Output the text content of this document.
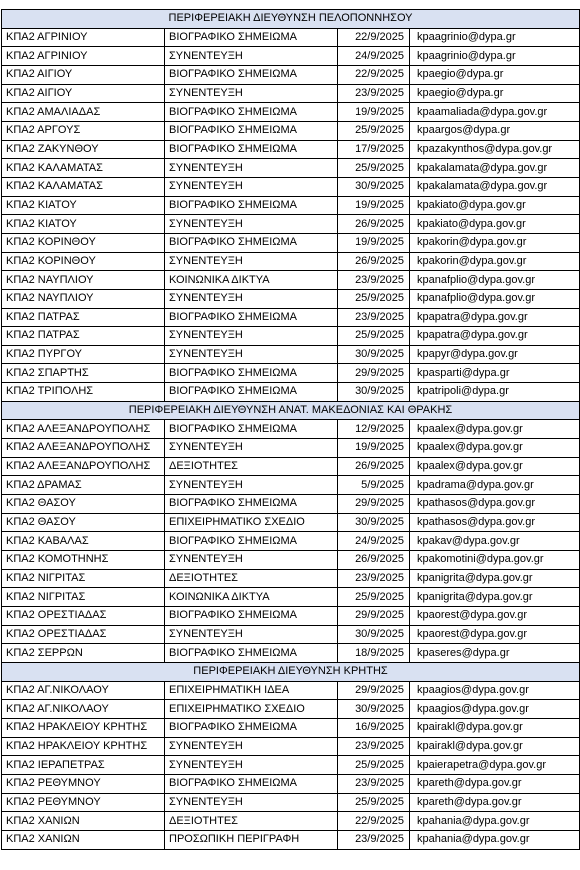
ΠΕΡΙΦΕΡΕΙΑΚΗ ΔΙΕΥΘΥΝΣΗ ΠΕΛΟΠΟΝΝΗΣΟΥ			
ΚΠΑ2 ΑΓΡΙΝΙΟΥ	ΒΙΟΓΡΑΦΙΚΟ ΣΗΜΕΙΩΜΑ	22/9/2025	kpaagrinio@dypa.gr
ΚΠΑ2 ΑΓΡΙΝΙΟΥ	ΣΥΝΕΝΤΕΥΞΗ	24/9/2025	kpaagrinio@dypa.gr
ΚΠΑ2 ΑΙΓΙΟΥ	ΒΙΟΓΡΑΦΙΚΟ ΣΗΜΕΙΩΜΑ	22/9/2025	kpaegio@dypa.gr
ΚΠΑ2 ΑΙΓΙΟΥ	ΣΥΝΕΝΤΕΥΞΗ	23/9/2025	kpaegio@dypa.gr
ΚΠΑ2 ΑΜΑΛΙΑΔΑΣ	ΒΙΟΓΡΑΦΙΚΟ ΣΗΜΕΙΩΜΑ	19/9/2025	kpaamaliada@dypa.gov.gr
ΚΠΑ2 ΑΡΓΟΥΣ	ΒΙΟΓΡΑΦΙΚΟ ΣΗΜΕΙΩΜΑ	25/9/2025	kpaargos@dypa.gr
ΚΠΑ2 ΖΑΚΥΝΘΟΥ	ΒΙΟΓΡΑΦΙΚΟ ΣΗΜΕΙΩΜΑ	17/9/2025	kpazakynthos@dypa.gov.gr
ΚΠΑ2 ΚΑΛΑΜΑΤΑΣ	ΣΥΝΕΝΤΕΥΞΗ	25/9/2025	kpakalamata@dypa.gov.gr
ΚΠΑ2 ΚΑΛΑΜΑΤΑΣ	ΣΥΝΕΝΤΕΥΞΗ	30/9/2025	kpakalamata@dypa.gov.gr
ΚΠΑ2 ΚΙΑΤΟΥ	ΒΙΟΓΡΑΦΙΚΟ ΣΗΜΕΙΩΜΑ	19/9/2025	kpakiato@dypa.gov.gr
ΚΠΑ2 ΚΙΑΤΟΥ	ΣΥΝΕΝΤΕΥΞΗ	26/9/2025	kpakiato@dypa.gov.gr
ΚΠΑ2 ΚΟΡΙΝΘΟΥ	ΒΙΟΓΡΑΦΙΚΟ ΣΗΜΕΙΩΜΑ	19/9/2025	kpakorin@dypa.gov.gr
ΚΠΑ2 ΚΟΡΙΝΘΟΥ	ΣΥΝΕΝΤΕΥΞΗ	26/9/2025	kpakorin@dypa.gov.gr
ΚΠΑ2 ΝΑΥΠΛΙΟΥ	ΚΟΙΝΩΝΙΚΑ ΔΙΚΤΥΑ	23/9/2025	kpanafplio@dypa.gov.gr
ΚΠΑ2 ΝΑΥΠΛΙΟΥ	ΣΥΝΕΝΤΕΥΞΗ	25/9/2025	kpanafplio@dypa.gov.gr
ΚΠΑ2 ΠΑΤΡΑΣ	ΒΙΟΓΡΑΦΙΚΟ ΣΗΜΕΙΩΜΑ	23/9/2025	kpapatra@dypa.gov.gr
ΚΠΑ2 ΠΑΤΡΑΣ	ΣΥΝΕΝΤΕΥΞΗ	25/9/2025	kpapatra@dypa.gov.gr
ΚΠΑ2 ΠΥΡΓΟΥ	ΣΥΝΕΝΤΕΥΞΗ	30/9/2025	kpapyr@dypa.gov.gr
ΚΠΑ2 ΣΠΑΡΤΗΣ	ΒΙΟΓΡΑΦΙΚΟ ΣΗΜΕΙΩΜΑ	29/9/2025	kpasparti@dypa.gr
ΚΠΑ2 ΤΡΙΠΟΛΗΣ	ΒΙΟΓΡΑΦΙΚΟ ΣΗΜΕΙΩΜΑ	30/9/2025	kpatripoli@dypa.gr
ΠΕΡΙΦΕΡΕΙΑΚΗ ΔΙΕΥΘΥΝΣΗ ΑΝΑΤ. ΜΑΚΕΔΟΝΙΑΣ ΚΑΙ ΘΡΑΚΗΣ			
ΚΠΑ2 ΑΛΕΞΑΝΔΡΟΥΠΟΛΗΣ	ΒΙΟΓΡΑΦΙΚΟ ΣΗΜΕΙΩΜΑ	12/9/2025	kpaalex@dypa.gov.gr
ΚΠΑ2 ΑΛΕΞΑΝΔΡΟΥΠΟΛΗΣ	ΣΥΝΕΝΤΕΥΞΗ	19/9/2025	kpaalex@dypa.gov.gr
ΚΠΑ2 ΑΛΕΞΑΝΔΡΟΥΠΟΛΗΣ	ΔΕΞΙΟΤΗΤΕΣ	26/9/2025	kpaalex@dypa.gov.gr
ΚΠΑ2 ΔΡΑΜΑΣ	ΣΥΝΕΝΤΕΥΞΗ	5/9/2025	kpadrama@dypa.gov.gr
ΚΠΑ2 ΘΑΣΟΥ	ΒΙΟΓΡΑΦΙΚΟ ΣΗΜΕΙΩΜΑ	29/9/2025	kpathasos@dypa.gov.gr
ΚΠΑ2 ΘΑΣΟΥ	ΕΠΙΧΕΙΡΗΜΑΤΙΚΟ ΣΧΕΔΙΟ	30/9/2025	kpathasos@dypa.gov.gr
ΚΠΑ2 ΚΑΒΑΛΑΣ	ΒΙΟΓΡΑΦΙΚΟ ΣΗΜΕΙΩΜΑ	24/9/2025	kpakav@dypa.gov.gr
ΚΠΑ2 ΚΟΜΟΤΗΝΗΣ	ΣΥΝΕΝΤΕΥΞΗ	26/9/2025	kpakomotini@dypa.gov.gr
ΚΠΑ2 ΝΙΓΡΙΤΑΣ	ΔΕΞΙΟΤΗΤΕΣ	23/9/2025	kpanigrita@dypa.gov.gr
ΚΠΑ2 ΝΙΓΡΙΤΑΣ	ΚΟΙΝΩΝΙΚΑ ΔΙΚΤΥΑ	25/9/2025	kpanigrita@dypa.gov.gr
ΚΠΑ2 ΟΡΕΣΤΙΑΔΑΣ	ΒΙΟΓΡΑΦΙΚΟ ΣΗΜΕΙΩΜΑ	29/9/2025	kpaorest@dypa.gov.gr
ΚΠΑ2 ΟΡΕΣΤΙΑΔΑΣ	ΣΥΝΕΝΤΕΥΞΗ	30/9/2025	kpaorest@dypa.gov.gr
ΚΠΑ2 ΣΕΡΡΩΝ	ΒΙΟΓΡΑΦΙΚΟ ΣΗΜΕΙΩΜΑ	18/9/2025	kpaseres@dypa.gr
ΠΕΡΙΦΕΡΕΙΑΚΗ ΔΙΕΥΘΥΝΣΗ ΚΡΗΤΗΣ			
ΚΠΑ2 ΑΓ.ΝΙΚΟΛΑΟΥ	ΕΠΙΧΕΙΡΗΜΑΤΙΚΗ ΙΔΕΑ	29/9/2025	kpaagios@dypa.gov.gr
ΚΠΑ2 ΑΓ.ΝΙΚΟΛΑΟΥ	ΕΠΙΧΕΙΡΗΜΑΤΙΚΟ ΣΧΕΔΙΟ	30/9/2025	kpaagios@dypa.gov.gr
ΚΠΑ2 ΗΡΑΚΛΕΙΟΥ ΚΡΗΤΗΣ	ΒΙΟΓΡΑΦΙΚΟ ΣΗΜΕΙΩΜΑ	16/9/2025	kpairakl@dypa.gov.gr
ΚΠΑ2 ΗΡΑΚΛΕΙΟΥ ΚΡΗΤΗΣ	ΣΥΝΕΝΤΕΥΞΗ	23/9/2025	kpairakl@dypa.gov.gr
ΚΠΑ2 ΙΕΡΑΠΕΤΡΑΣ	ΣΥΝΕΝΤΕΥΞΗ	25/9/2025	kpaierapetra@dypa.gov.gr
ΚΠΑ2 ΡΕΘΥΜΝΟΥ	ΒΙΟΓΡΑΦΙΚΟ ΣΗΜΕΙΩΜΑ	23/9/2025	kpareth@dypa.gov.gr
ΚΠΑ2 ΡΕΘΥΜΝΟΥ	ΣΥΝΕΝΤΕΥΞΗ	25/9/2025	kpareth@dypa.gov.gr
ΚΠΑ2 ΧΑΝΙΩΝ	ΔΕΞΙΟΤΗΤΕΣ	22/9/2025	kpahania@dypa.gov.gr
ΚΠΑ2 ΧΑΝΙΩΝ	ΠΡΟΣΩΠΙΚΗ ΠΕΡΙΓΡΑΦΗ	23/9/2025	kpahania@dypa.gov.gr
